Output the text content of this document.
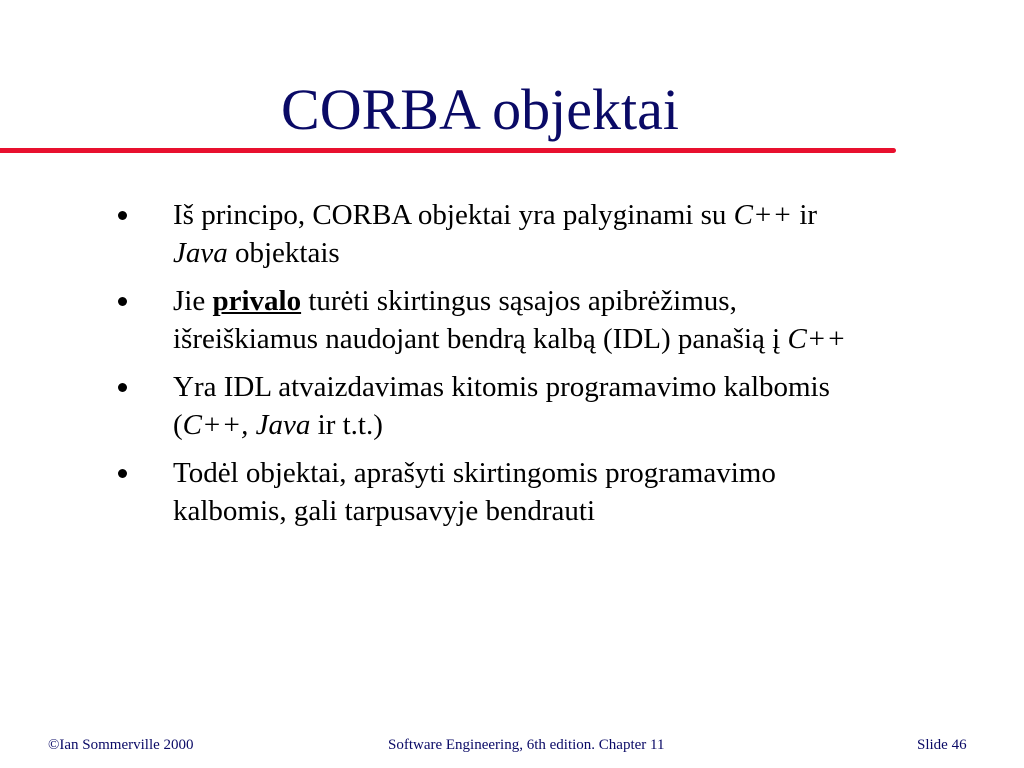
CORBA objektai
Iš principo, CORBA objektai yra palyginami su C++ ir
Java objektais
Jie privalo turėti skirtingus sąsajos apibrėžimus,
išreiškiamus naudojant bendrą kalbą (IDL) panašią į C++
Yra IDL atvaizdavimas kitomis programavimo kalbomis
(C++, Java ir t.t.)
Todėl objektai, aprašyti skirtingomis programavimo
kalbomis, gali tarpusavyje bendrauti
©Ian Sommerville 2000	Software Engineering, 6th edition. Chapter 11	Slide 46
